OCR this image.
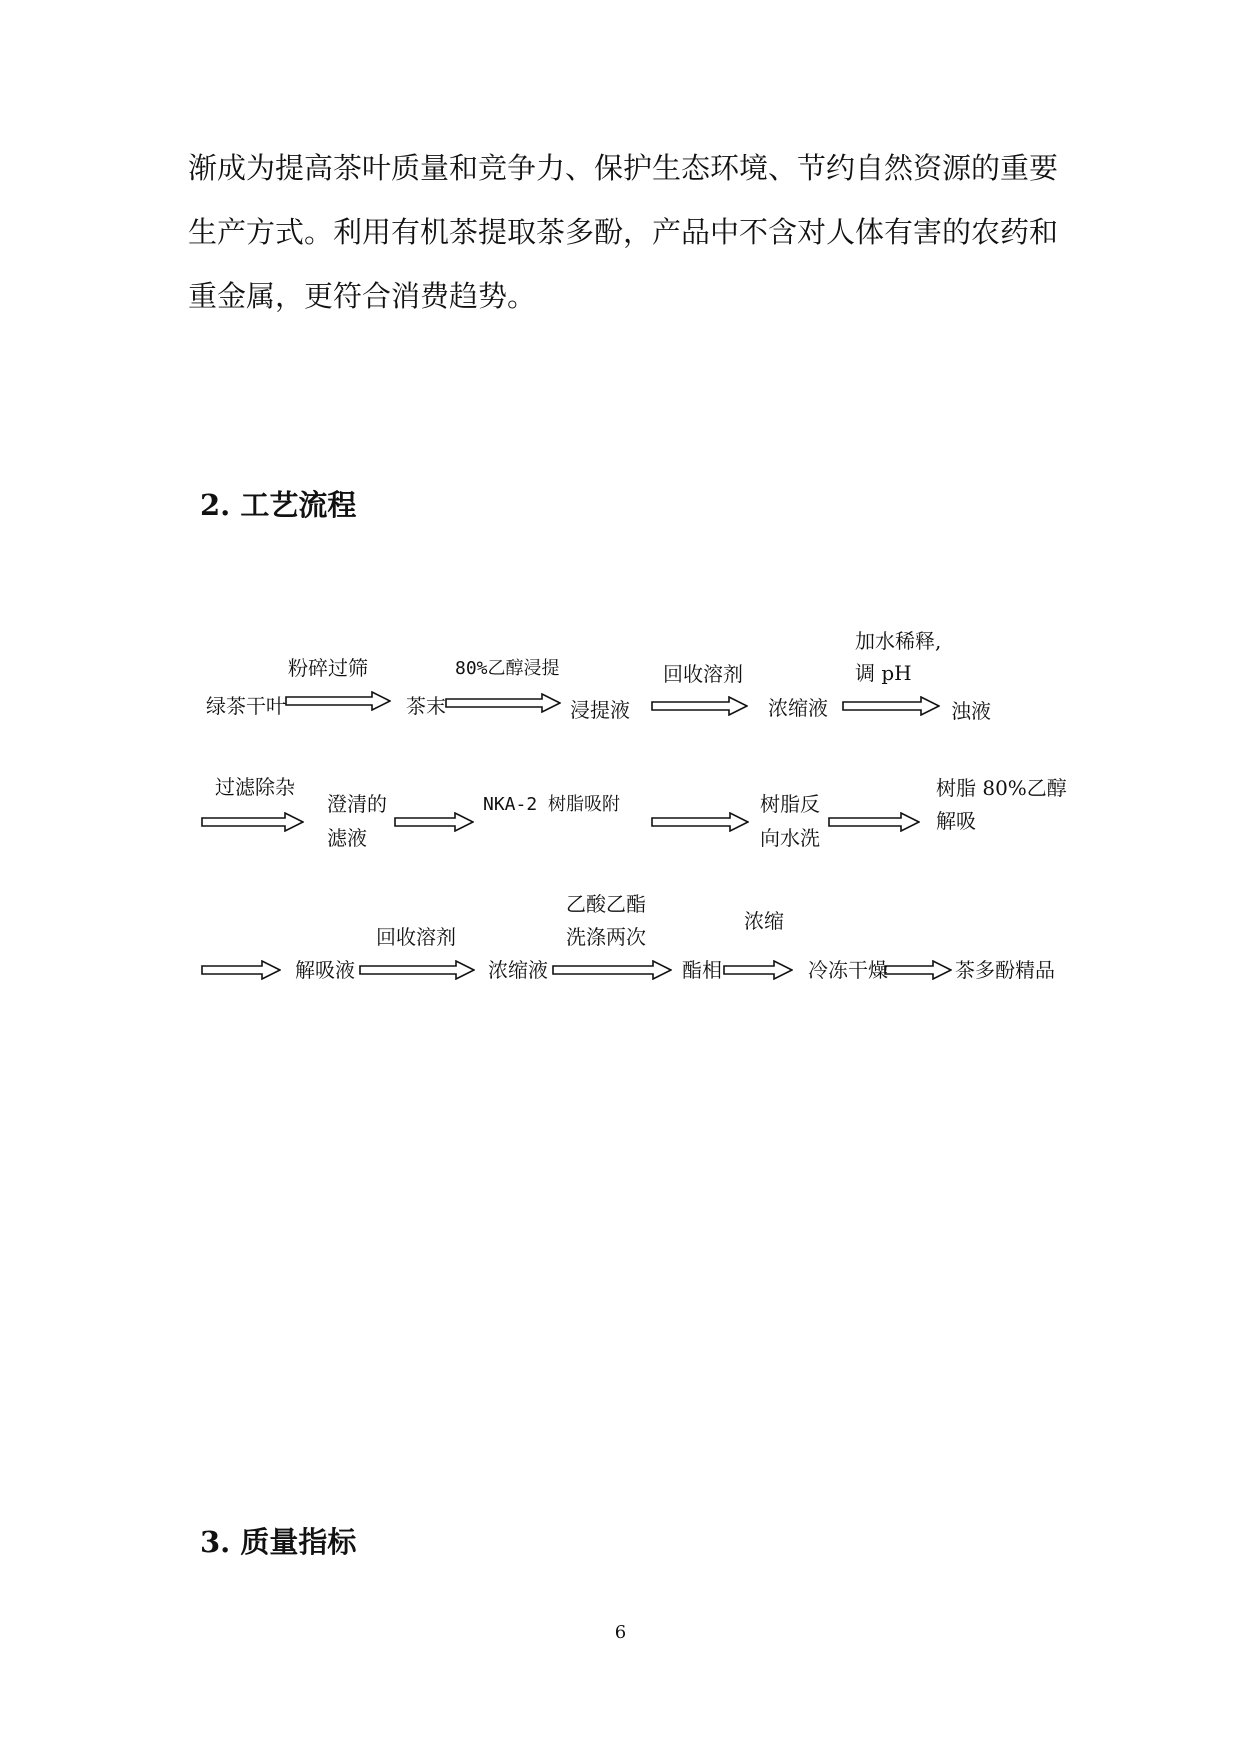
渐成为提高茶叶质量和竞争力、保护生态环境、节约自然资源的重要
生产方式。利用有机茶提取茶多酚，产品中不含对人体有害的农药和
重金属，更符合消费趋势。
2. 工艺流程
绿茶干叶
粉碎过筛
茶末
80%乙醇浸提
浸提液
回收溶剂
浓缩液
加水稀释,
调 pH
浊液
过滤除杂
澄清的
滤液
NKA-2 树脂吸附	树脂反
向水洗
树脂 80%乙醇
解吸
解吸液
回收溶剂
浓缩液
乙酸乙酯
洗涤两次
酯相
浓缩
冷冻干燥	茶多酚精品
3. 质量指标
6
